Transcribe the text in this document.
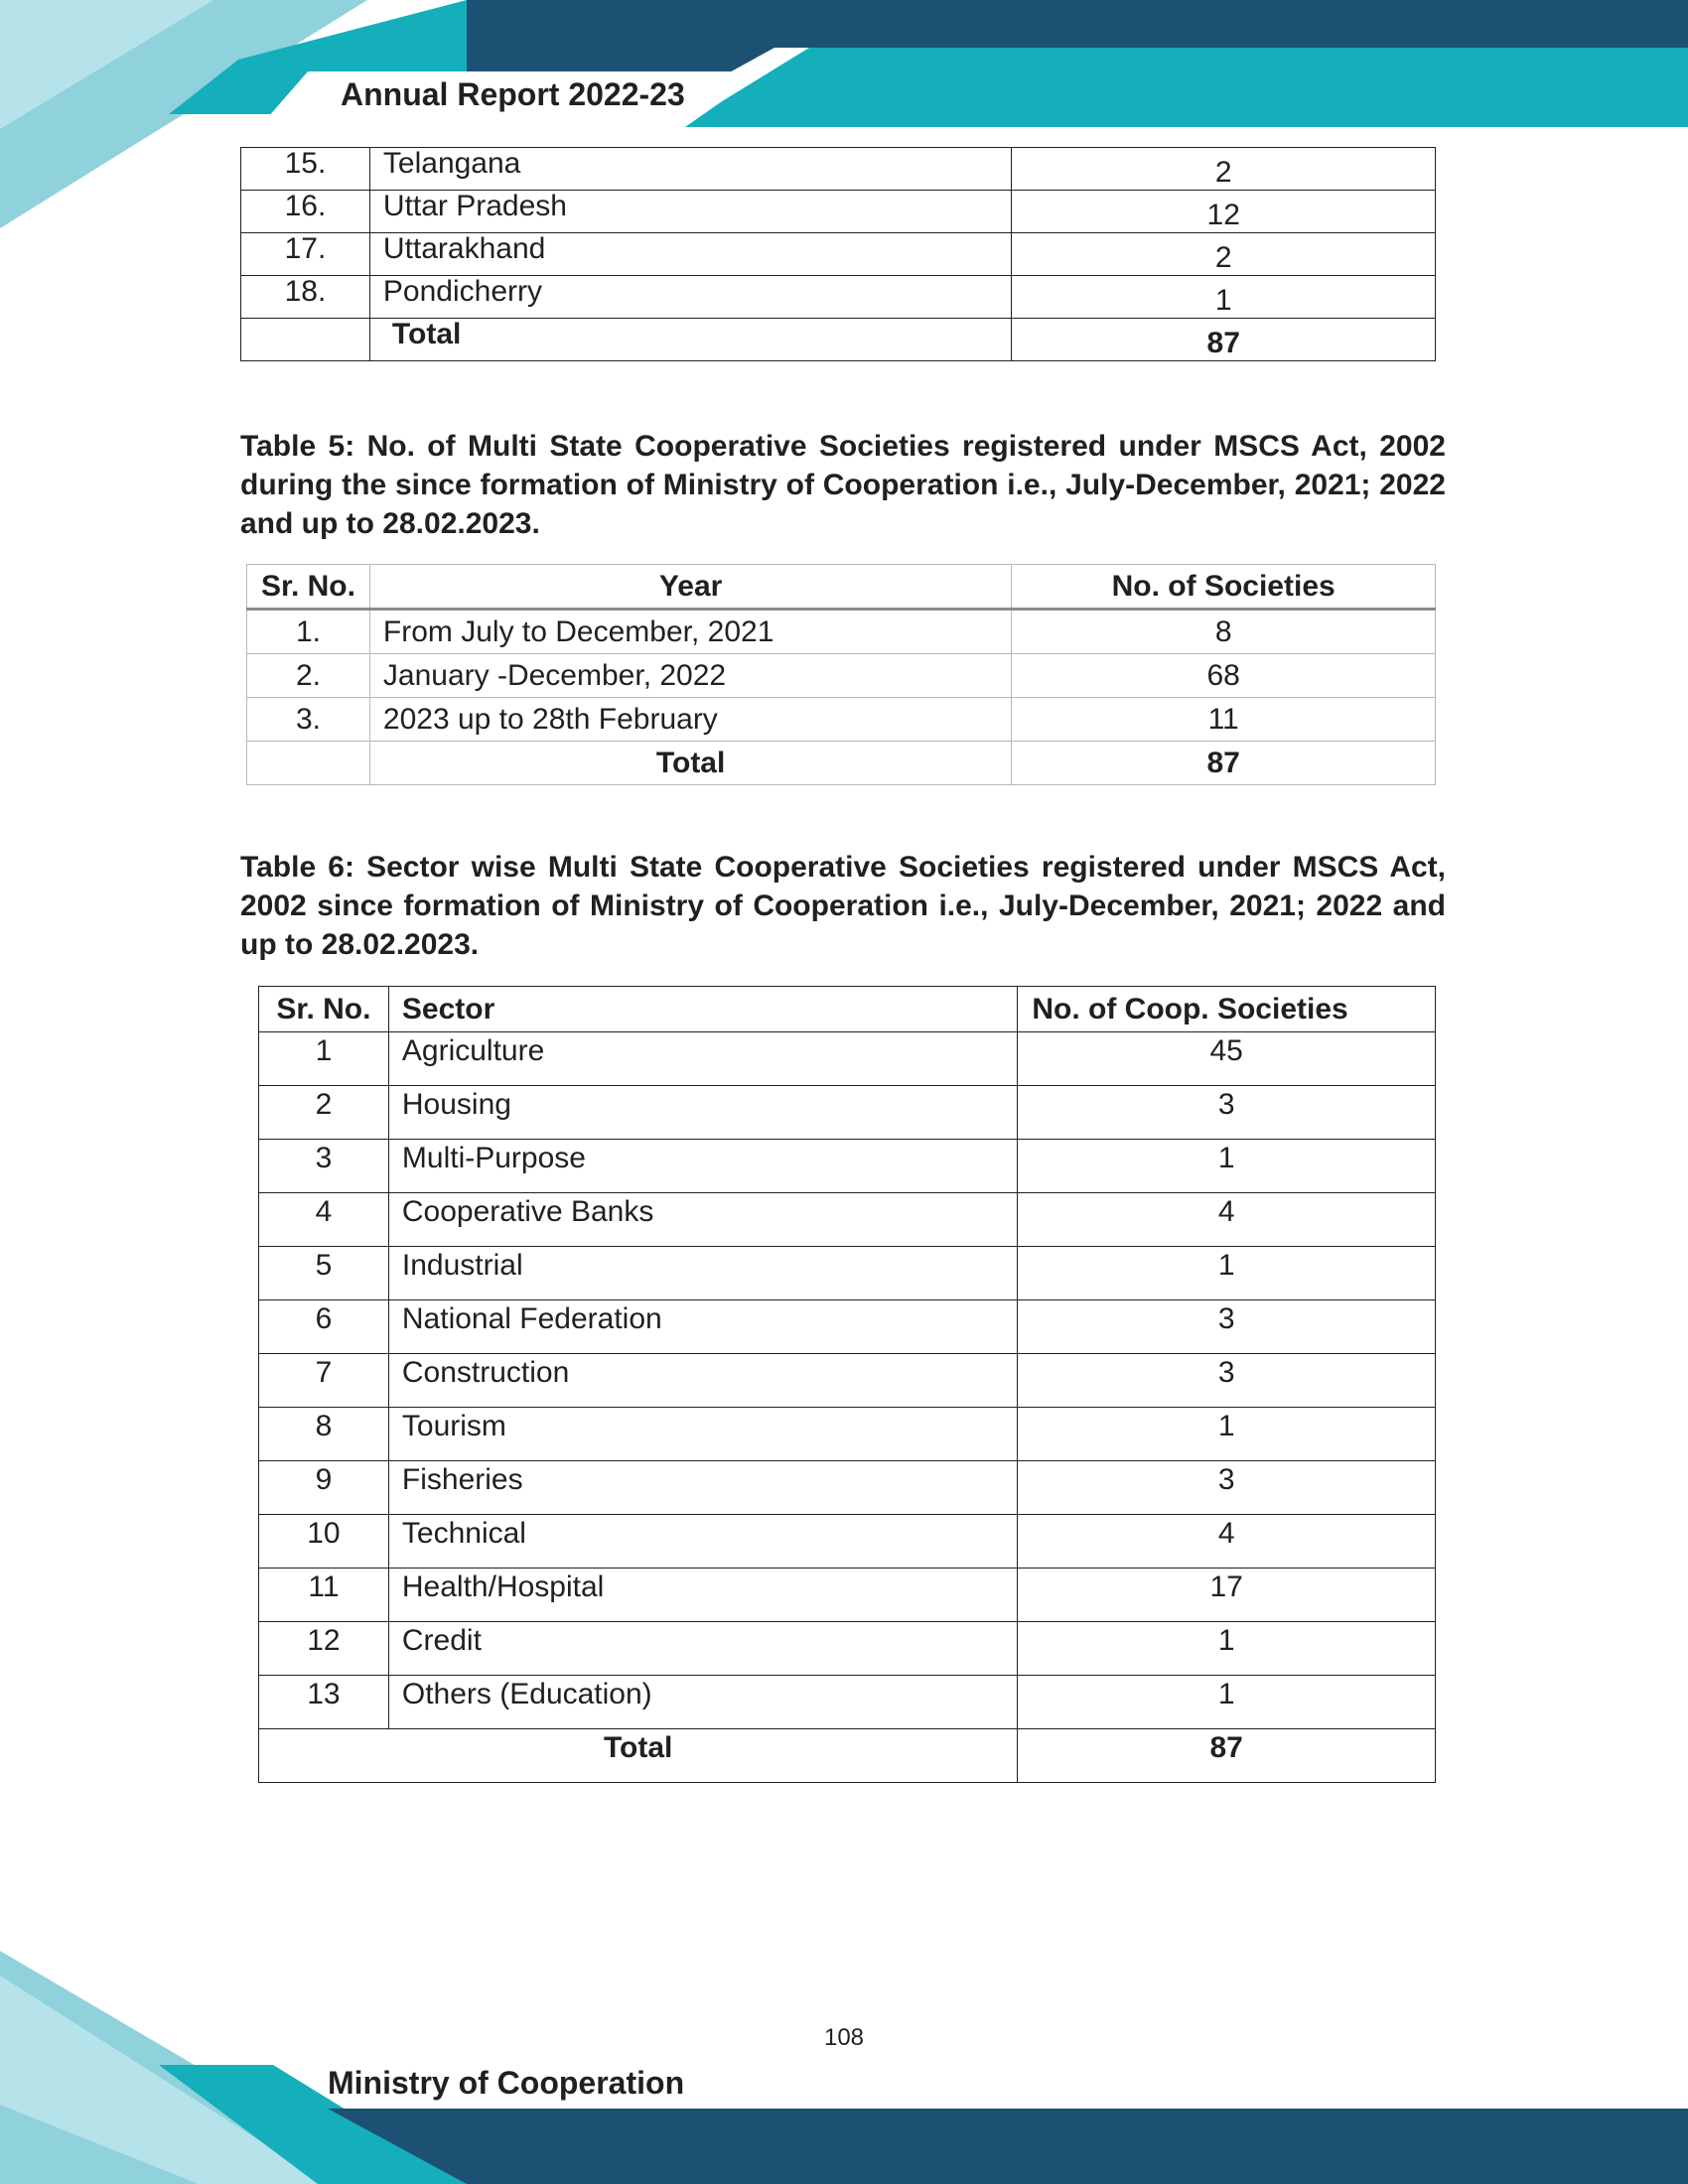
Annual Report 2022-23
15.	Telangana	2
16.	Uttar Pradesh	12
17.	Uttarakhand	2
18.	Pondicherry	1
	Total	87
Table 5: No. of Multi State Cooperative Societies registered under MSCS Act, 2002 during the since formation of Ministry of Cooperation i.e., July-December, 2021; 2022 and up to 28.02.2023.
Sr. No.	Year	No. of Societies
1.	From July to December, 2021	8
2.	January -December, 2022	68
3.	2023 up to 28th February	11
	Total	87
Table 6: Sector wise Multi State Cooperative Societies registered under MSCS Act, 2002 since formation of Ministry of Cooperation i.e., July-December, 2021; 2022 and up to 28.02.2023.
Sr. No.	Sector	No. of Coop. Societies
1	Agriculture	45
2	Housing	3
3	Multi-Purpose	1
4	Cooperative Banks	4
5	Industrial	1
6	National Federation	3
7	Construction	3
8	Tourism	1
9	Fisheries	3
10	Technical	4
11	Health/Hospital	17
12	Credit	1
13	Others (Education)	1
Total		87
108
Ministry of Cooperation
